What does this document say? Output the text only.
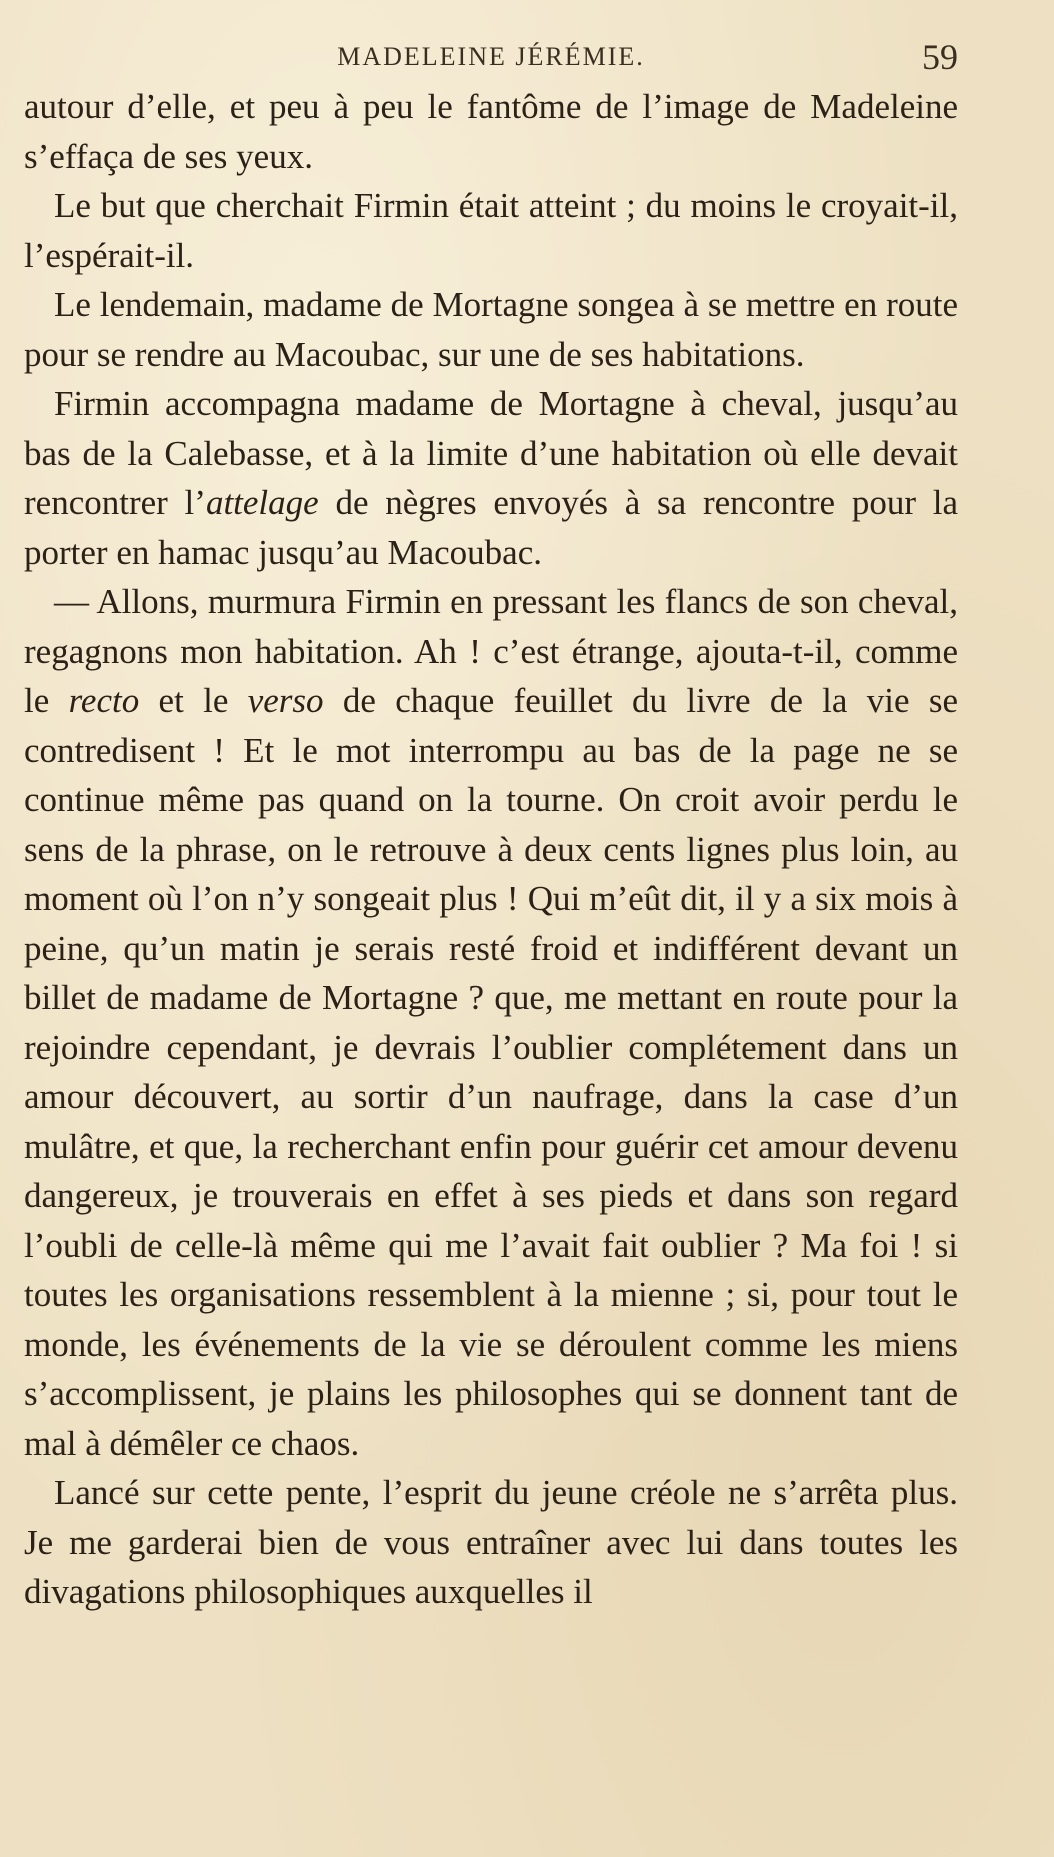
MADELEINE JÉRÉMIE.	59

autour d’elle, et peu à peu le fantôme de l’image de Madeleine s’effaça de ses yeux.

Le but que cherchait Firmin était atteint ; du moins le croyait-il, l’espérait-il.

Le lendemain, madame de Mortagne songea à se mettre en route pour se rendre au Macoubac, sur une de ses habitations.

Firmin accompagna madame de Mortagne à cheval, jusqu’au bas de la Calebasse, et à la limite d’une habitation où elle devait rencontrer l’attelage de nègres envoyés à sa rencontre pour la porter en hamac jusqu’au Macoubac.

— Allons, murmura Firmin en pressant les flancs de son cheval, regagnons mon habitation. Ah ! c’est étrange, ajouta-t-il, comme le recto et le verso de chaque feuillet du livre de la vie se contredisent ! Et le mot interrompu au bas de la page ne se continue même pas quand on la tourne. On croit avoir perdu le sens de la phrase, on le retrouve à deux cents lignes plus loin, au moment où l’on n’y songeait plus ! Qui m’eût dit, il y a six mois à peine, qu’un matin je serais resté froid et indifférent devant un billet de madame de Mortagne ? que, me mettant en route pour la rejoindre cependant, je devrais l’oublier complétement dans un amour découvert, au sortir d’un naufrage, dans la case d’un mulâtre, et que, la recherchant enfin pour guérir cet amour devenu dangereux, je trouverais en effet à ses pieds et dans son regard l’oubli de celle-là même qui me l’avait fait oublier ? Ma foi ! si toutes les organisations ressemblent à la mienne ; si, pour tout le monde, les événements de la vie se déroulent comme les miens s’accomplissent, je plains les philosophes qui se donnent tant de mal à démêler ce chaos.

Lancé sur cette pente, l’esprit du jeune créole ne s’arrêta plus. Je me garderai bien de vous entraîner avec lui dans toutes les divagations philosophiques auxquelles il
